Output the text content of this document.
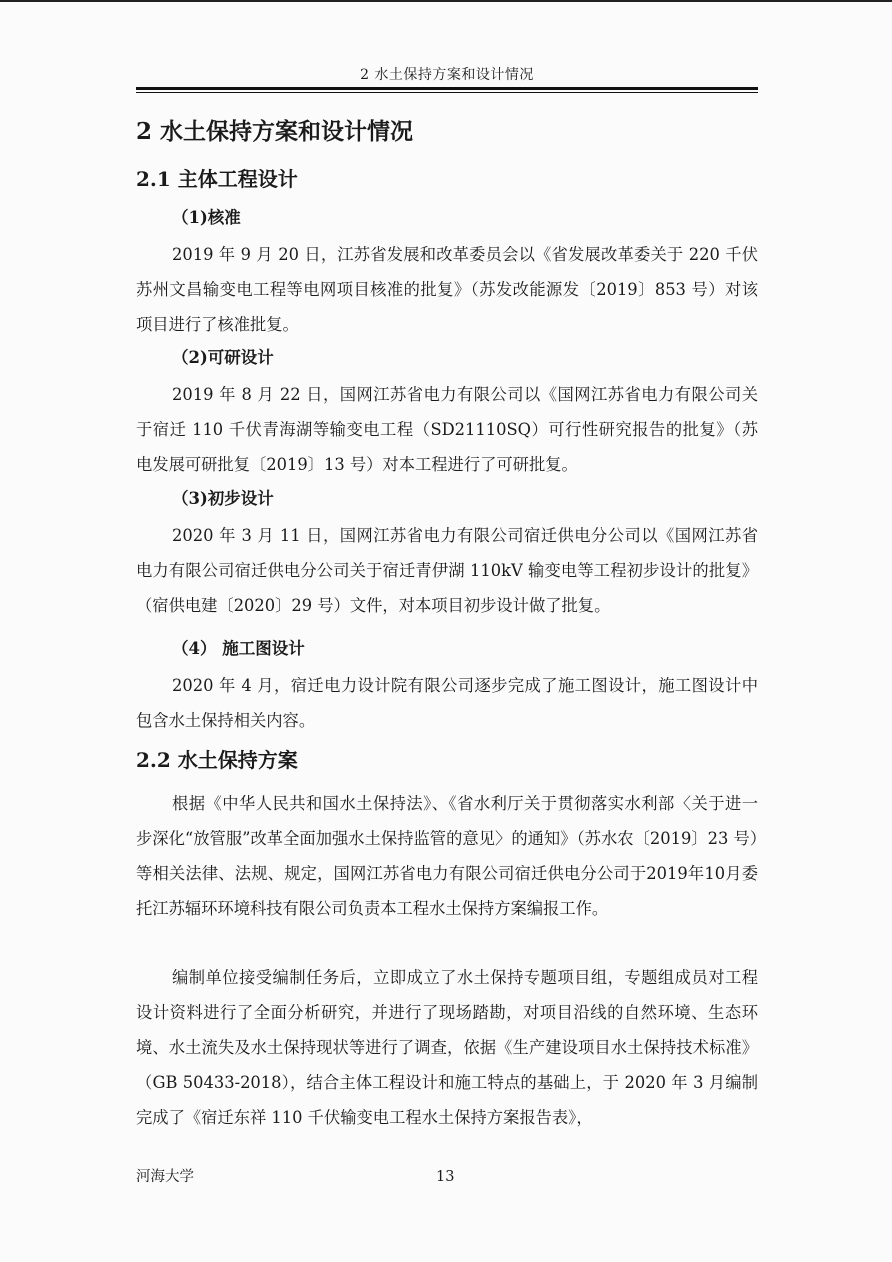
2 水土保持方案和设计情况
2 水土保持方案和设计情况
2.1 主体工程设计
（1)核准

2019 年 9 月 20 日，江苏省发展和改革委员会以《省发展改革委关于 220 千伏苏州文昌输变电工程等电网项目核准的批复》（苏发改能源发〔2019〕853 号）对该项目进行了核准批复。

（2)可研设计

2019 年 8 月 22 日，国网江苏省电力有限公司以《国网江苏省电力有限公司关于宿迁 110 千伏青海湖等输变电工程（SD21110SQ）可行性研究报告的批复》（苏电发展可研批复〔2019〕13 号）对本工程进行了可研批复。

（3)初步设计

2020 年 3 月 11 日，国网江苏省电力有限公司宿迁供电分公司以《国网江苏省电力有限公司宿迁供电分公司关于宿迁青伊湖 110kV 输变电等工程初步设计的批复》（宿供电建〔2020〕29 号）文件，对本项目初步设计做了批复。

（4） 施工图设计

2020 年 4 月，宿迁电力设计院有限公司逐步完成了施工图设计，施工图设计中包含水土保持相关内容。

2.2 水土保持方案

根据《中华人民共和国水土保持法》、《省水利厅关于贯彻落实水利部〈关于进一步深化“放管服”改革全面加强水土保持监管的意见〉的通知》（苏水农〔2019〕23 号）等相关法律、法规、规定，国网江苏省电力有限公司宿迁供电分公司于2019年10月委托江苏辐环环境科技有限公司负责本工程水土保持方案编报工作。

编制单位接受编制任务后，立即成立了水土保持专题项目组，专题组成员对工程设计资料进行了全面分析研究，并进行了现场踏勘，对项目沿线的自然环境、生态环境、水土流失及水土保持现状等进行了调查，依据《生产建设项目水土保持技术标准》（GB 50433-2018），结合主体工程设计和施工特点的基础上，于 2020 年 3 月编制完成了《宿迁东祥 110 千伏输变电工程水土保持方案报告表》，

河海大学	13
